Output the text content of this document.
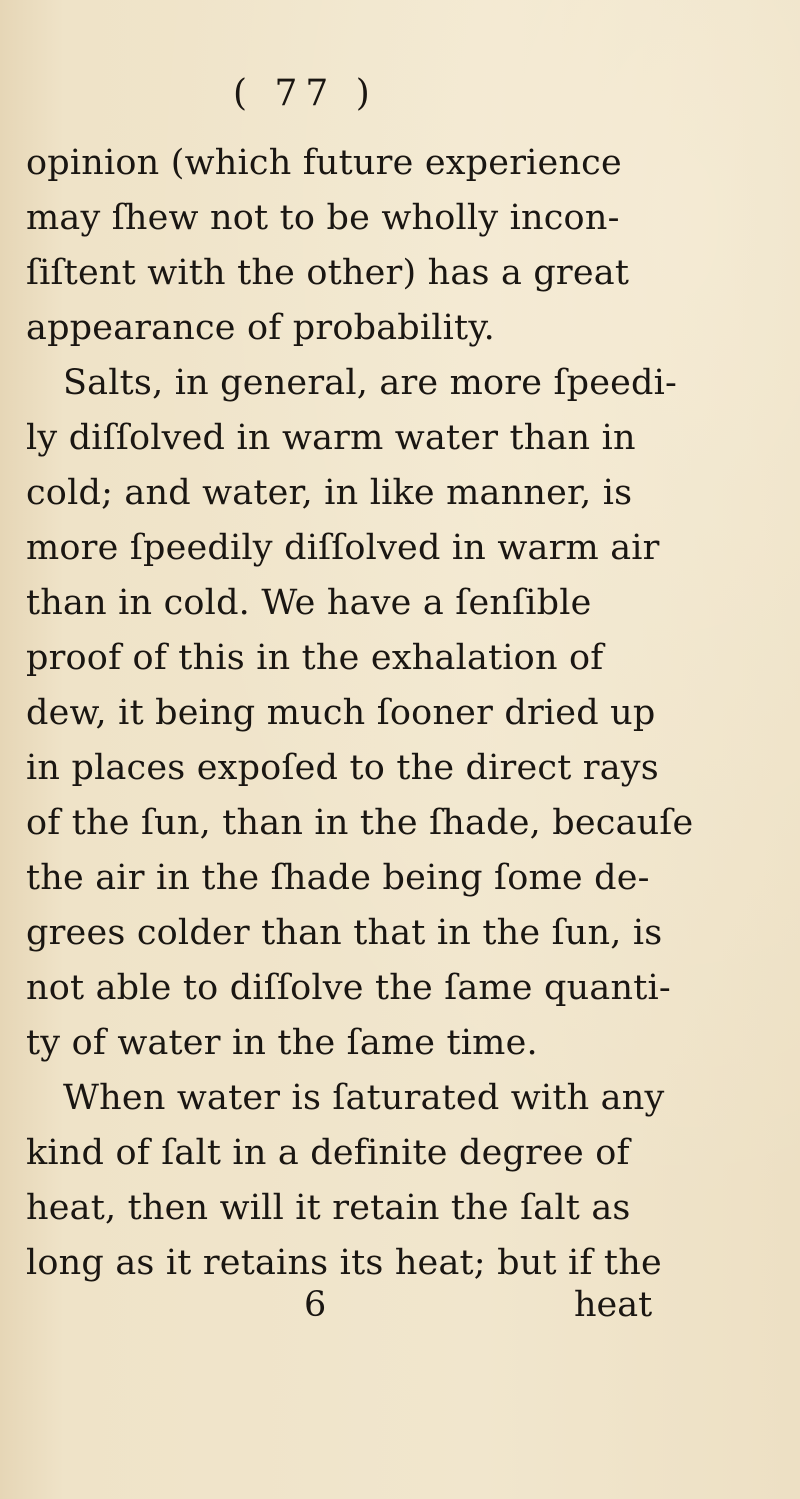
( 77 )
opinion (which future experience
may ſhew not to be wholly incon-
ſiſtent with the other) has a great
appearance of probability.
Salts, in general, are more ſpeedi-
ly diſſolved in warm water than in
cold; and water, in like manner, is
more ſpeedily diſſolved in warm air
than in cold. We have a ſenſible
proof of this in the exhalation of
dew, it being much ſooner dried up
in places expoſed to the direct rays
of the ſun, than in the ſhade, becauſe
the air in the ſhade being ſome de-
grees colder than that in the ſun, is
not able to diſſolve the ſame quanti-
ty of water in the ſame time.
When water is ſaturated with any
kind of ſalt in a definite degree of
heat, then will it retain the ſalt as
long as it retains its heat; but if the
6	heat
